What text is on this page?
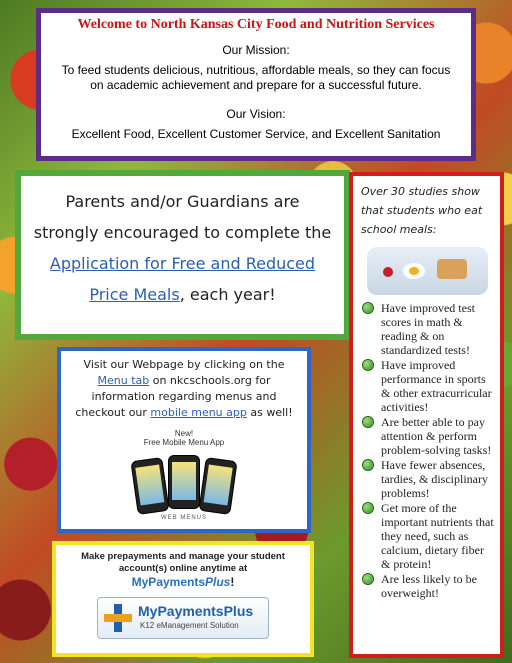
Welcome to North Kansas City Food and Nutrition Services
Our Mission:
To feed students delicious, nutritious, affordable meals, so they can focus on academic achievement and prepare for a successful future.
Our Vision:
Excellent Food, Excellent Customer Service, and Excellent Sanitation
Parents and/or Guardians are strongly encouraged to complete the Application for Free and Reduced Price Meals, each year!
Over 30 studies show that students who eat school meals:
Have improved test scores in math & reading & on standardized tests!
Have improved performance in sports & other extracurricular activities!
Are better able to pay attention & perform problem-solving tasks!
Have fewer absences, tardies, & disciplinary problems!
Get more of the important nutrients that they need, such as calcium, dietary fiber & protein!
Are less likely to be overweight!
Visit our Webpage by clicking on the Menu tab on nkcschools.org for information regarding menus and checkout our mobile menu app as well!
New!
Free Mobile Menu App
WEB MENUS
Make prepayments and manage your student account(s) online anytime at
MyPaymentsPlus!
MyPaymentsPlus
K12 eManagement Solution
